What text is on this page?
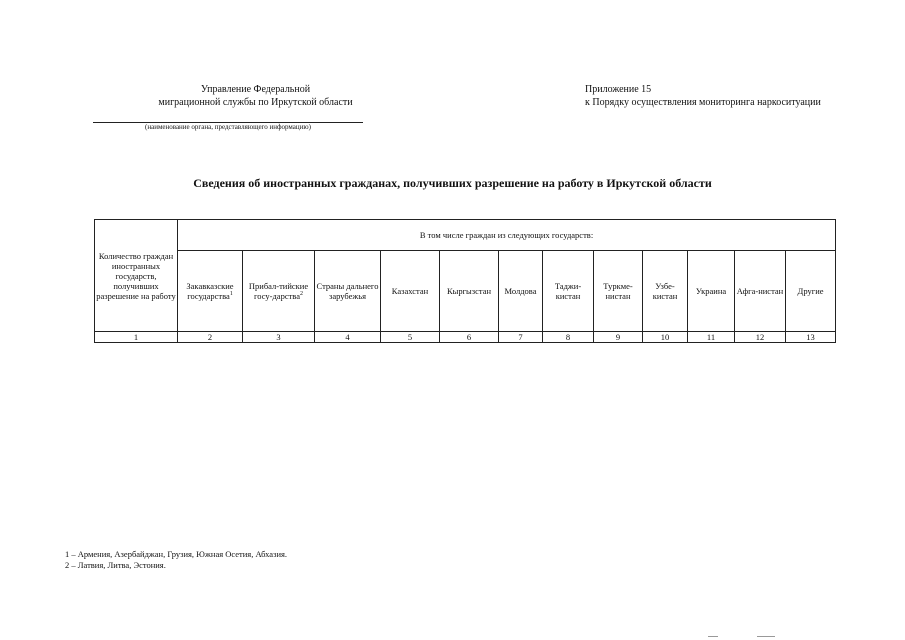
Управление Федеральной
миграционной службы по Иркутской области
(наименование органа, представляющего информацию)
Приложение 15
к Порядку осуществления мониторинга наркоситуации
Сведения об иностранных гражданах, получивших разрешение на работу в Иркутской области
Количество граждан иностранных государств, получивших разрешение на работу	В том числе граждан из следующих государств:											
	Закавказские государства$^1$	Прибал-тийские госу-дарства$^2$	Страны дальнего зарубежья	Казахстан	Кыргызстан	Молдова	Таджи-кистан	Туркме-нистан	Узбе-кистан	Украина	Афга-нистан	Другие
1	2	3	4	5	6	7	8	9	10	11	12	13
1 – Армения, Азербайджан, Грузия, Южная Осетия, Абхазия.
2 – Латвия, Литва, Эстония.
